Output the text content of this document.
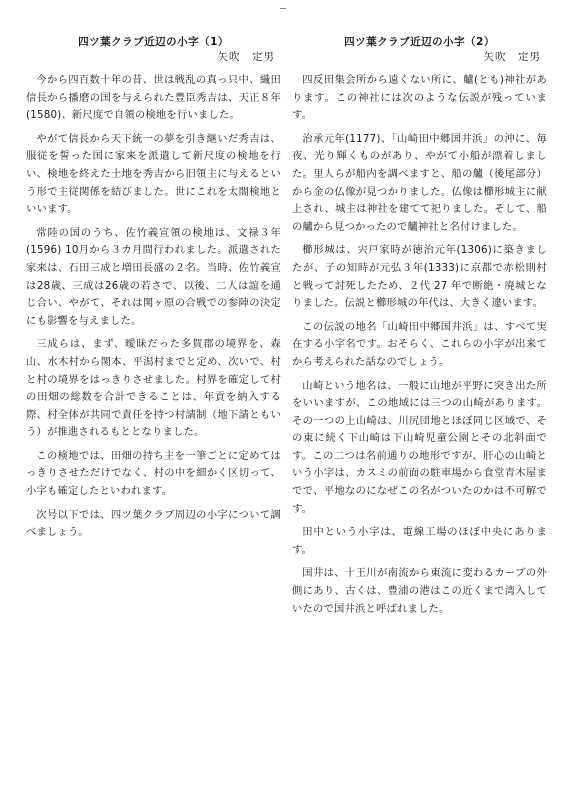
四ツ葉クラブ近辺の小字（1）

矢吹　定男

今から四百数十年の昔、世は戦乱の真っ只中、織田信長から播磨の国を与えられた豊臣秀吉は、天正８年(1580)、新尺度で自領の検地を行いました。

やがて信長から天下統一の夢を引き継いだ秀吉は、服従を誓った国に家来を派遣して新尺度の検地を行い、検地を終えた土地を秀吉から旧領主に与えるという形で主従関係を結びました。世にこれを太閤検地といいます。

常陸の国のうち、佐竹義宣領の検地は、文禄３年(1596) 10月から３カ月間行われました。派遣された家来は、石田三成と増田長盛の２名。当時、佐竹義宣は28歳、三成は26歳の若さで、以後、二人は誼を通じ合い、やがて、それは関ヶ原の合戦での参陣の決定にも影響を与えました。

三成らは、まず、曖昧だった多賀郡の境界を、森山、水木村から関本、平潟村までと定め、次いで、村と村の境界をはっきりさせました。村界を確定して村の田畑の総数を合計できることは、年貢を納入する際、村全体が共同で責任を持つ村請制（地下請ともいう）が推進されるもととなりました。

この検地では、田畑の持ち主を一筆ごとに定めてはっきりさせただけでなく、村の中を細かく区切って、小字も確定したといわれます。

次号以下では、四ツ葉クラブ周辺の小字について調べましょう。

四ツ葉クラブ近辺の小字（2）

矢吹　定男

四反田集会所から遠くない所に、艫(とも)神社があります。この神社には次のような伝説が残っています。

治承元年(1177)、「山崎田中郷国井浜」の沖に、毎夜、光り輝くものがあり、やがて小船が漂着しました。里人らが船内を調べますと、船の艫（後尾部分）から金の仏像が見つかりました。仏像は櫛形城主に献上され、城主は神社を建てて祀りました。そして、船の艫から見つかったので艫神社と名付けました。

櫛形城は、宍戸家時が徳治元年(1306)に築きましたが、子の知時が元弘３年(1333)に京都で赤松則村と戦って討死したため、２代 27 年で断絶・廃城となりました。伝説と櫛形城の年代は、大きく違います。

この伝説の地名「山崎田中郷国井浜」は、すべて実在する小字名です。おそらく、これらの小字が出来てから考えられた話なのでしょう。

山崎という地名は、一般に山地が平野に突き出た所をいいますが、この地域には三つの山崎があります。その一つの上山崎は、川尻団地とほぼ同じ区域で、その東に続く下山崎は下山崎児童公園とその北斜面です。この二つは名前通りの地形ですが、肝心の山崎という小字は、カスミの前面の駐車場から食堂青木屋までで、平地なのになぜこの名がついたのかは不可解です。

田中という小字は、電線工場のほぼ中央にあります。

国井は、十王川が南流から東流に変わるカーブの外側にあり、古くは、豊浦の港はこの近くまで湾入していたので国井浜と呼ばれました。
